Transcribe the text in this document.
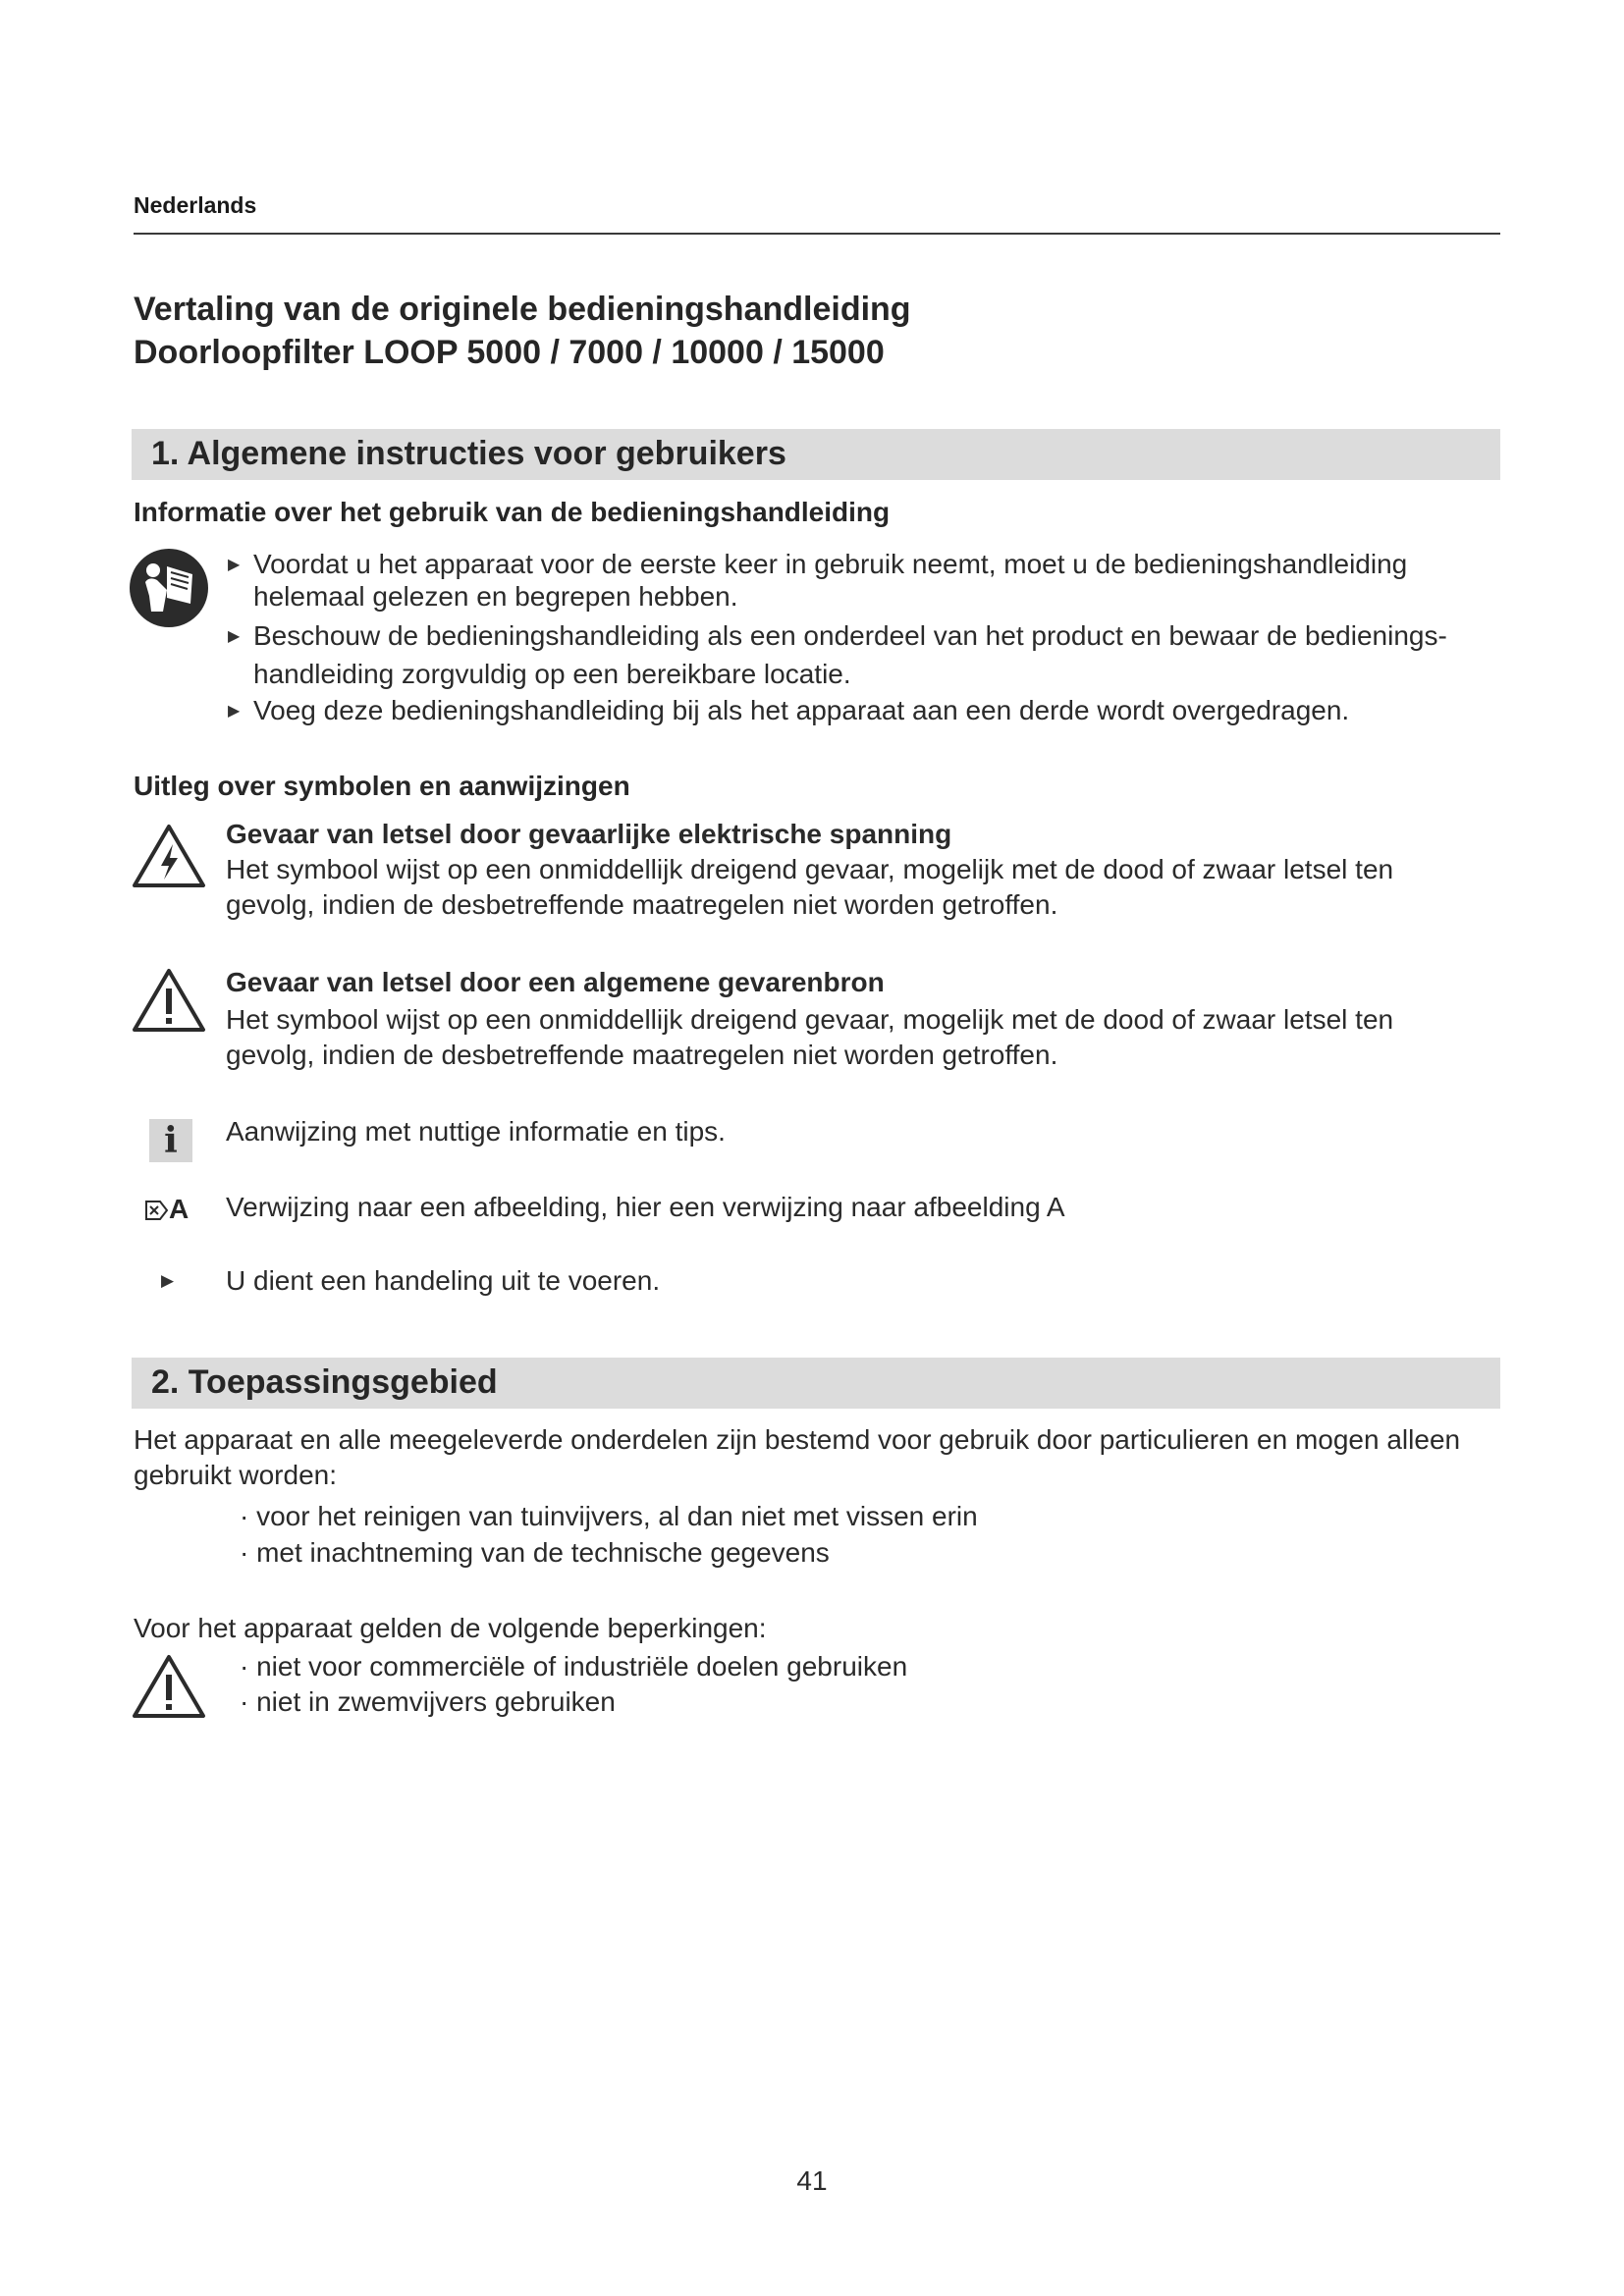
Nederlands
Vertaling van de originele bedieningshandleiding
Doorloopfilter LOOP 5000 / 7000 / 10000 / 15000
1. Algemene instructies voor gebruikers
Informatie over het gebruik van de bedieningshandleiding
▶ Voordat u het apparaat voor de eerste keer in gebruik neemt, moet u de bedieningshandleiding
helemaal gelezen en begrepen hebben.
▶ Beschouw de bedieningshandleiding als een onderdeel van het product en bewaar de bedienings-
handleiding zorgvuldig op een bereikbare locatie.
▶ Voeg deze bedieningshandleiding bij als het apparaat aan een derde wordt overgedragen.
Uitleg over symbolen en aanwijzingen
Gevaar van letsel door gevaarlijke elektrische spanning
Het symbool wijst op een onmiddellijk dreigend gevaar, mogelijk met de dood of zwaar letsel ten
gevolg, indien de desbetreffende maatregelen niet worden getroffen.
Gevaar van letsel door een algemene gevarenbron
Het symbool wijst op een onmiddellijk dreigend gevaar, mogelijk met de dood of zwaar letsel ten
gevolg, indien de desbetreffende maatregelen niet worden getroffen.
i	Aanwijzing met nuttige informatie en tips.
A Verwijzing naar een afbeelding, hier een verwijzing naar afbeelding A
▶ U dient een handeling uit te voeren.
2. Toepassingsgebied
Het apparaat en alle meegeleverde onderdelen zijn bestemd voor gebruik door particulieren en mogen alleen
gebruikt worden:
· voor het reinigen van tuinvijvers, al dan niet met vissen erin
· met inachtneming van de technische gegevens
Voor het apparaat gelden de volgende beperkingen:
· niet voor commerciële of industriële doelen gebruiken
· niet in zwemvijvers gebruiken
41
